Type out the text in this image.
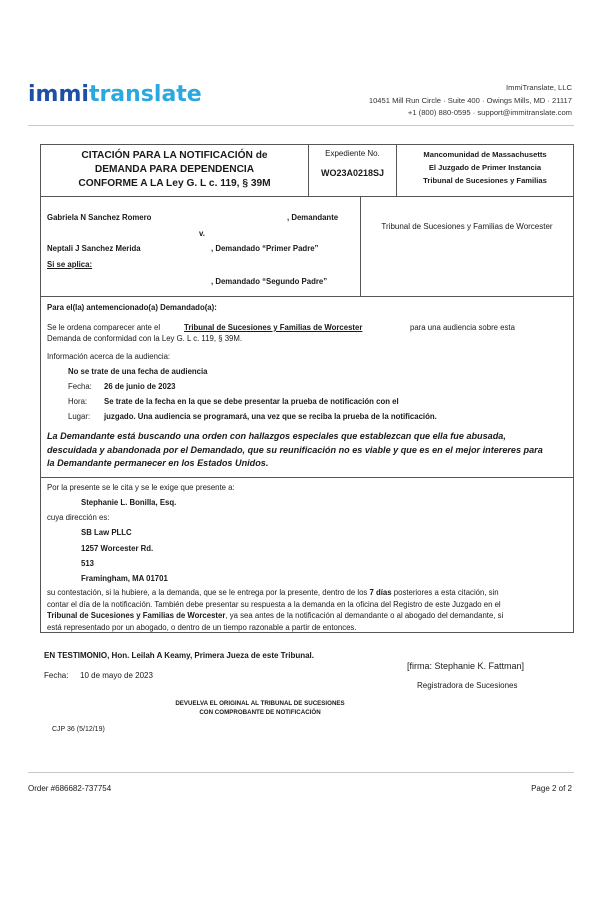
immitranslate	ImmiTranslate, LLC
10451 Mill Run Circle · Suite 400 · Owings Mills, MD · 21117
+1 (800) 880-0595 · support@immitranslate.com
CITACIÓN PARA LA NOTIFICACIÓN de
DEMANDA PARA DEPENDENCIA
CONFORME A LA Ley G. L c. 119, § 39M
Expediente No.
WO23A0218SJ
Mancomunidad de Massachusetts
El Juzgado de Primer Instancia
Tribunal de Sucesiones y Familias
Gabriela N Sanchez Romero	, Demandante
v.
Neptali J Sanchez Merida	, Demandado “Primer Padre”
Si se aplica:
, Demandado “Segundo Padre”
Tribunal de Sucesiones y Familias de Worcester
Para el(la) antemencionado(a) Demandado(a):
Se le ordena comparecer ante el	Tribunal de Sucesiones y Familias de Worcester	para una audiencia sobre esta
Demanda de conformidad con la Ley G. L c. 119, § 39M.
Información acerca de la audiencia:
No se trate de una fecha de audiencia
Fecha: 26 de junio de 2023
Hora: Se trate de la fecha en la que se debe presentar la prueba de notificación con el
Lugar: juzgado. Una audiencia se programará, una vez que se reciba la prueba de la notificación.
La Demandante está buscando una orden con hallazgos especiales que establezcan que ella fue abusada,
descuidada y abandonada por el Demandado, que su reunificación no es viable y que es en el mejor intereres para
la Demandante permanecer en los Estados Unidos.
Por la presente se le cita y se le exige que presente a:
Stephanie L. Bonilla, Esq.
cuya dirección es:
SB Law PLLC
1257 Worcester Rd.
513
Framingham, MA 01701
su contestación, si la hubiere, a la demanda, que se le entrega por la presente, dentro de los 7 días posteriores a esta citación, sin
contar el día de la notificación. También debe presentar su respuesta a la demanda en la oficina del Registro de este Juzgado en el
Tribunal de Sucesiones y Familias de Worcester, ya sea antes de la notificación al demandante o al abogado del demandante, si
está representado por un abogado, o dentro de un tiempo razonable a partir de entonces.
EN TESTIMONIO, Hon. Leilah A Keamy, Primera Jueza de este Tribunal.
[firma: Stephanie K. Fattman]
Registradora de Sucesiones
Fecha: 10 de mayo de 2023
DEVUELVA EL ORIGINAL AL TRIBUNAL DE SUCESIONES
CON COMPROBANTE DE NOTIFICACIÓN
CJP 36 (5/12/19)
Order #686682-737754	Page 2 of 2
